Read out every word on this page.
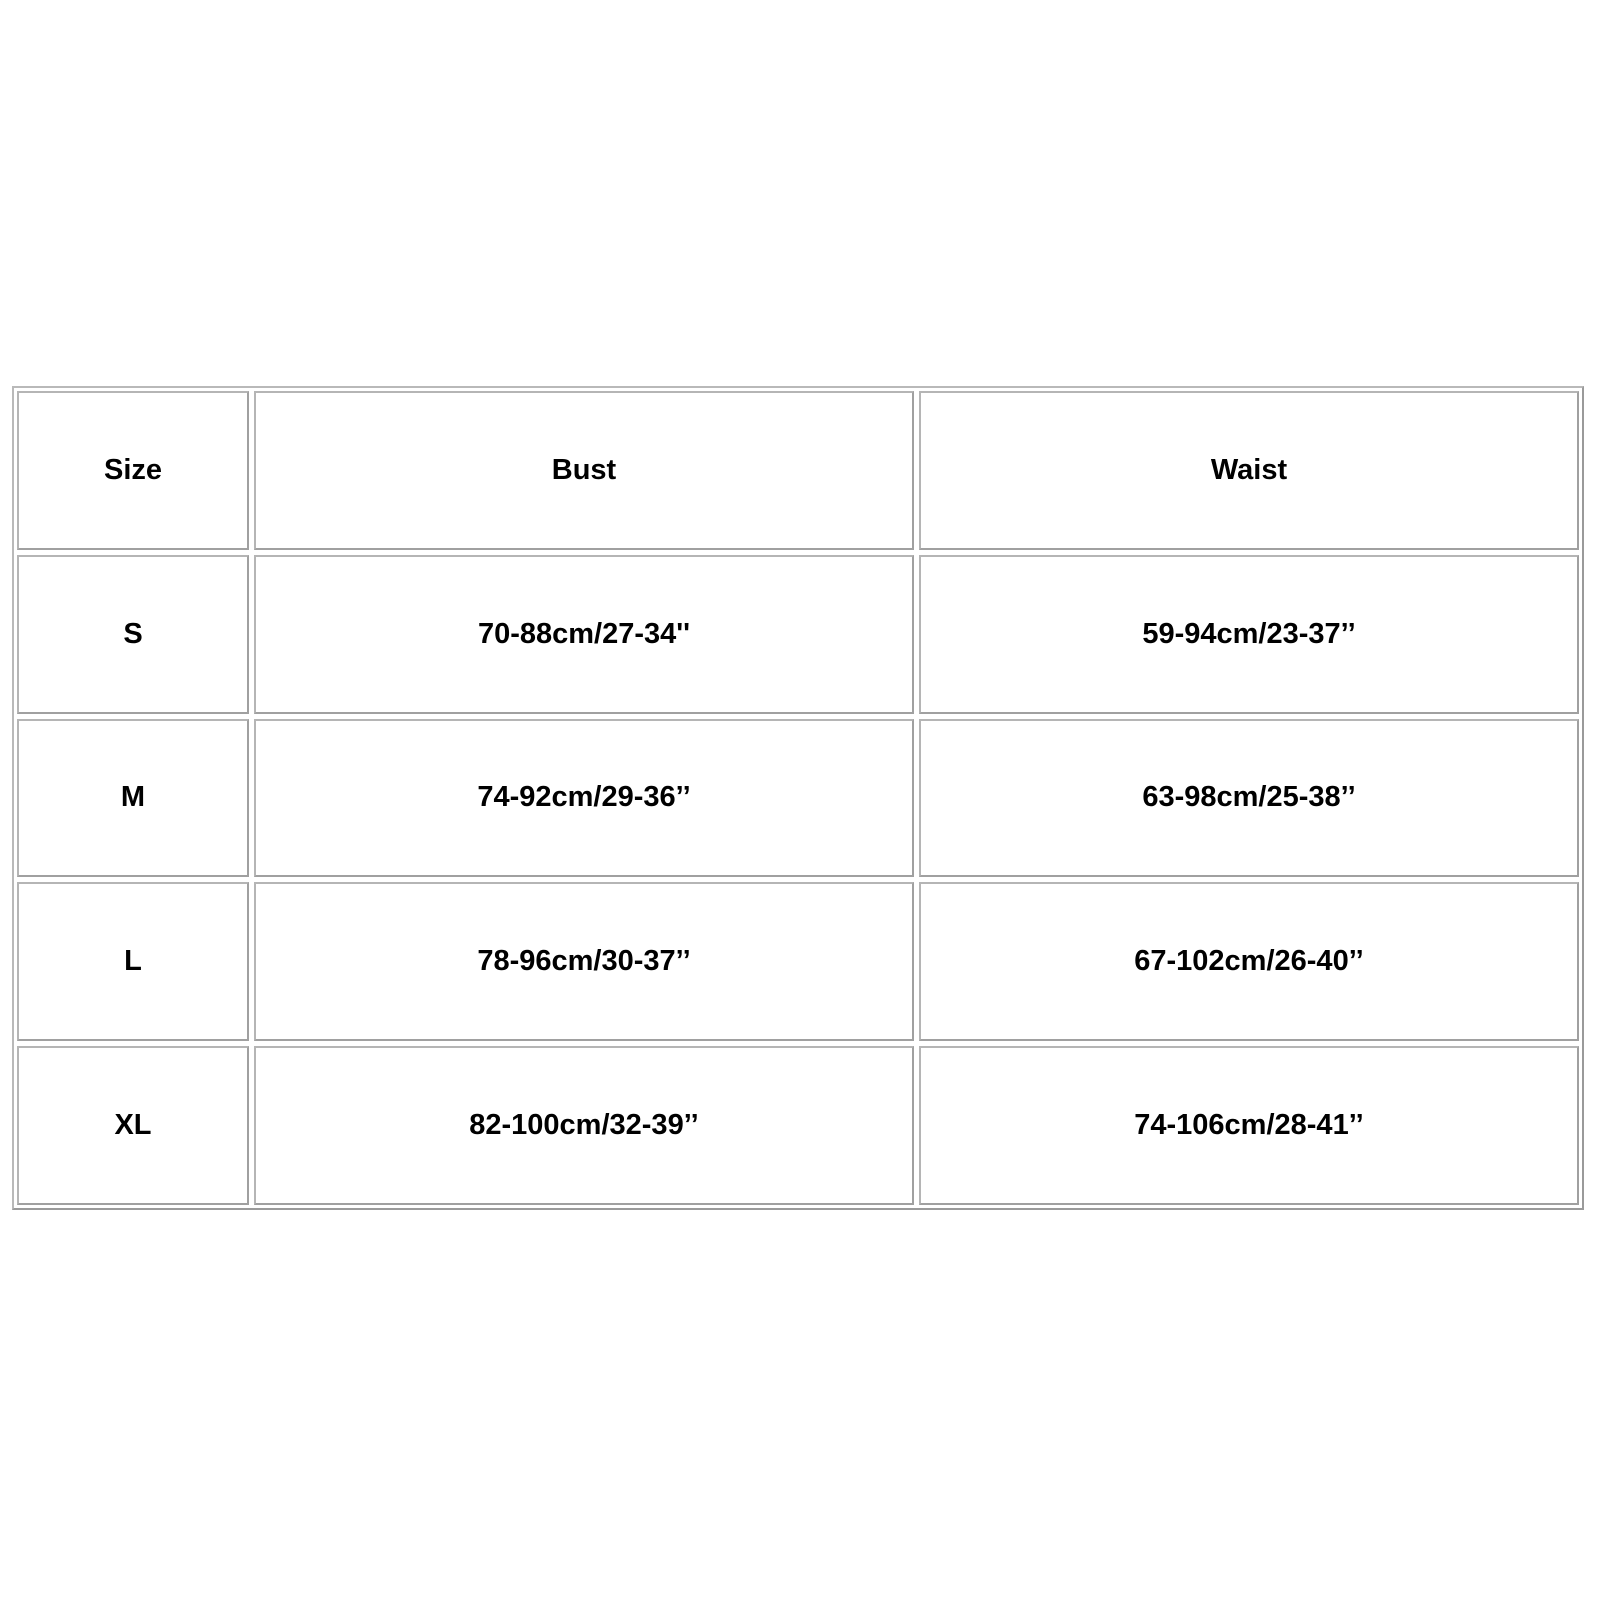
Size	Bust	Waist
S	70-88cm/27-34''	59-94cm/23-37’’
M	74-92cm/29-36’’	63-98cm/25-38’’
L	78-96cm/30-37’’	67-102cm/26-40’’
XL	82-100cm/32-39’’	74-106cm/28-41’’
